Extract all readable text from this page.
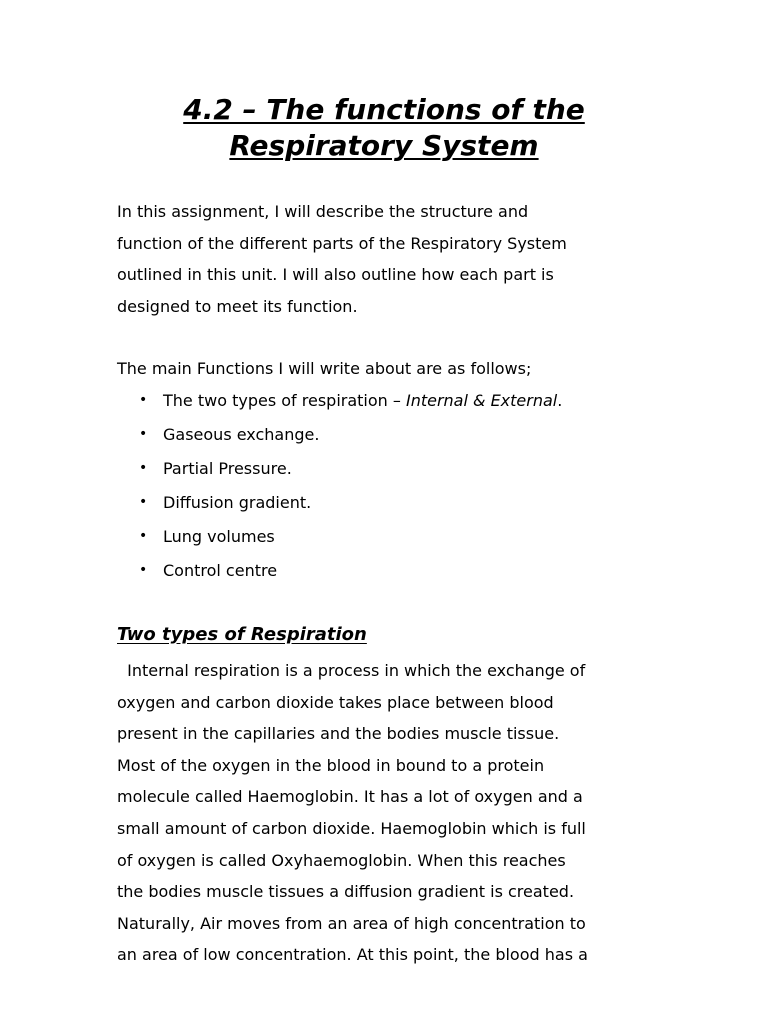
4.2 – The functions of the
Respiratory System

In this assignment, I will describe the structure and
function of the different parts of the Respiratory System
outlined in this unit. I will also outline how each part is
designed to meet its function.

The main Functions I will write about are as follows;

• The two types of respiration – Internal & External.
• Gaseous exchange.
• Partial Pressure.
• Diffusion gradient.
• Lung volumes
• Control centre
Two types of Respiration

Internal respiration is a process in which the exchange of
oxygen and carbon dioxide takes place between blood
present in the capillaries and the bodies muscle tissue.
Most of the oxygen in the blood in bound to a protein
molecule called Haemoglobin. It has a lot of oxygen and a
small amount of carbon dioxide. Haemoglobin which is full
of oxygen is called Oxyhaemoglobin. When this reaches
the bodies muscle tissues a diffusion gradient is created.
Naturally, Air moves from an area of high concentration to
an area of low concentration. At this point, the blood has a
